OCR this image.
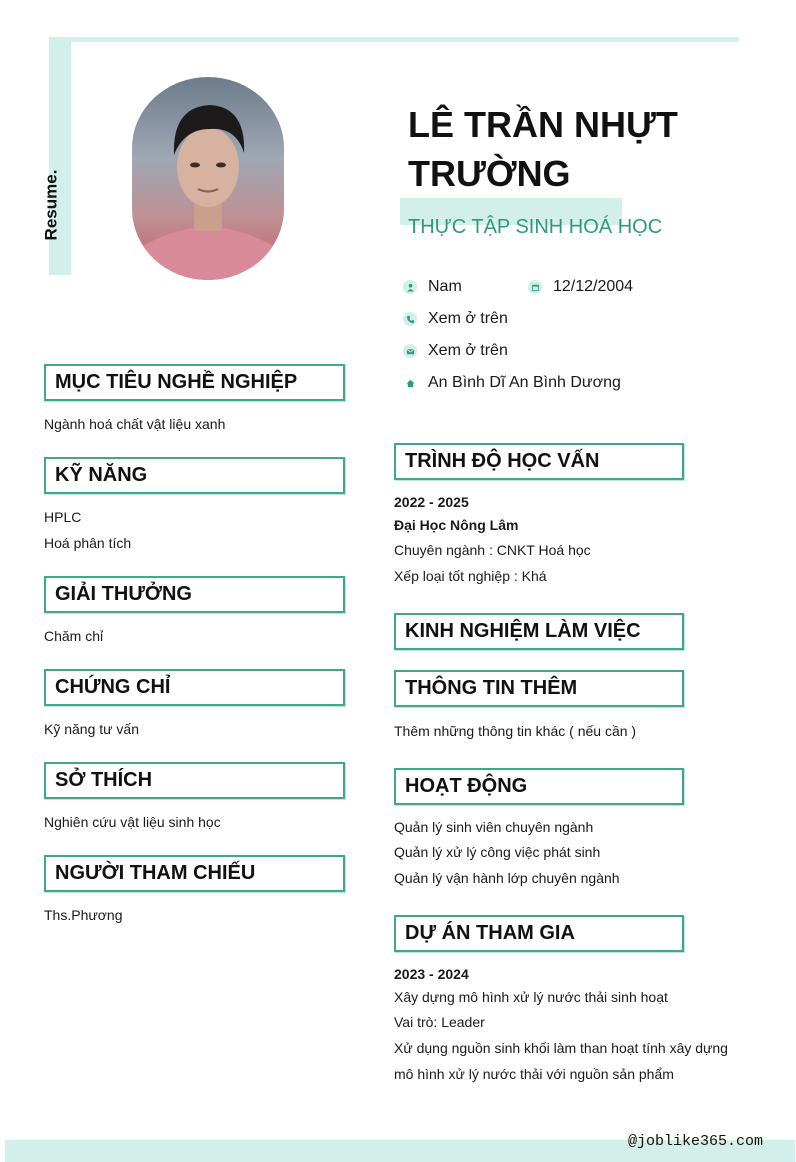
Resume.
LÊ TRẦN NHỰT TRƯỜNG
THỰC TẬP SINH HOÁ HỌC
Nam	12/12/2004
Xem ở trên
Xem ở trên
An Bình Dĩ An Bình Dương
MỤC TIÊU NGHỀ NGHIỆP
Ngành hoá chất vật liệu xanh
KỸ NĂNG
HPLC
Hoá phân tích
GIẢI THƯỞNG
Chăm chỉ
CHỨNG CHỈ
Kỹ năng tư vấn
SỞ THÍCH
Nghiên cứu vật liệu sinh học
NGƯỜI THAM CHIẾU
Ths.Phương
TRÌNH ĐỘ HỌC VẤN
2022 - 2025
Đại Học Nông Lâm
Chuyên ngành : CNKT Hoá học
Xếp loại tốt nghiệp : Khá
KINH NGHIỆM LÀM VIỆC
THÔNG TIN THÊM
Thêm những thông tin khác ( nếu cần )
HOẠT ĐỘNG
Quản lý sinh viên chuyên ngành
Quản lý xử lý công việc phát sinh
Quản lý vận hành lớp chuyên ngành
DỰ ÁN THAM GIA
2023 - 2024
Xây dựng mô hình xử lý nước thải sinh hoạt
Vai trò: Leader
Xử dụng nguồn sinh khối làm than hoạt tính xây dựng
mô hình xử lý nước thải với nguồn sản phẩm
@joblike365.com
